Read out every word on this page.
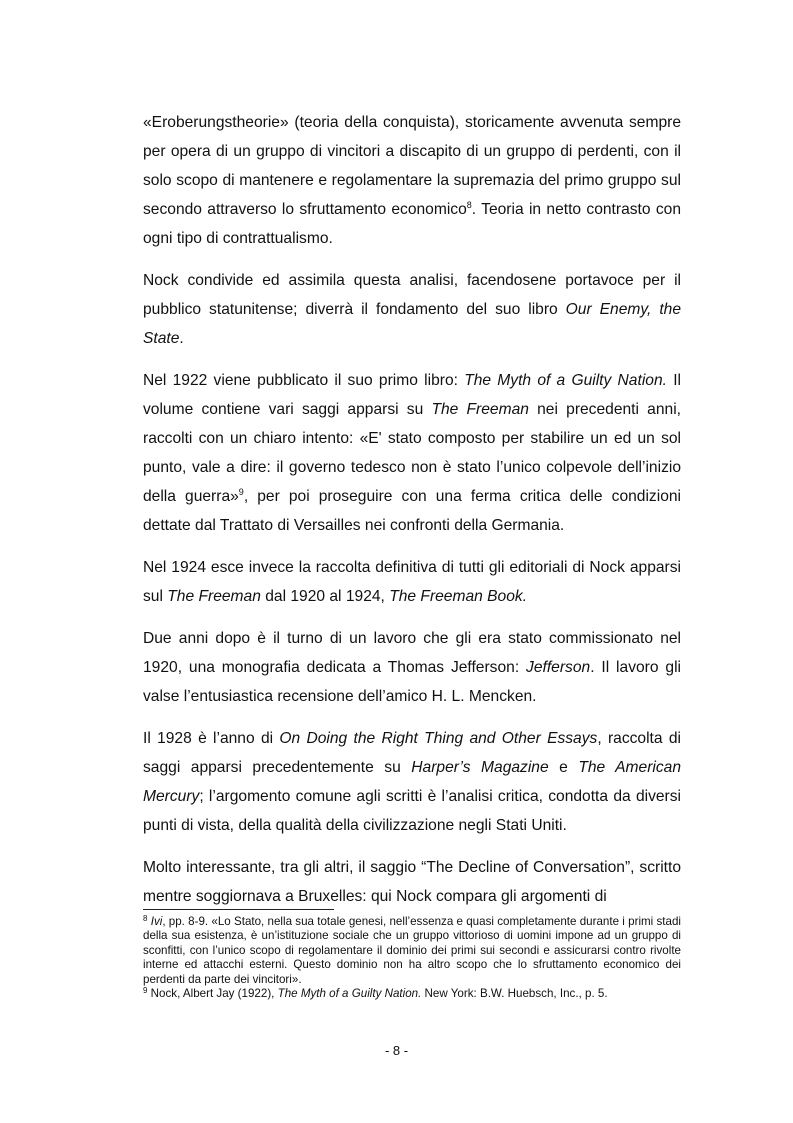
«Eroberungstheorie» (teoria della conquista), storicamente avvenuta sempre per opera di un gruppo di vincitori a discapito di un gruppo di perdenti, con il solo scopo di mantenere e regolamentare la supremazia del primo gruppo sul secondo attraverso lo sfruttamento economico$^8$. Teoria in netto contrasto con ogni tipo di contrattualismo.

Nock condivide ed assimila questa analisi, facendosene portavoce per il pubblico statunitense; diverrà il fondamento del suo libro Our Enemy, the State.

Nel 1922 viene pubblicato il suo primo libro: The Myth of a Guilty Nation. Il volume contiene vari saggi apparsi su The Freeman nei precedenti anni, raccolti con un chiaro intento: «E' stato composto per stabilire un ed un sol punto, vale a dire: il governo tedesco non è stato l’unico colpevole dell’inizio della guerra»$^9$, per poi proseguire con una ferma critica delle condizioni dettate dal Trattato di Versailles nei confronti della Germania.

Nel 1924 esce invece la raccolta definitiva di tutti gli editoriali di Nock apparsi sul The Freeman dal 1920 al 1924, The Freeman Book.

Due anni dopo è il turno di un lavoro che gli era stato commissionato nel 1920, una monografia dedicata a Thomas Jefferson: Jefferson. Il lavoro gli valse l’entusiastica recensione dell’amico H. L. Mencken.

Il 1928 è l’anno di On Doing the Right Thing and Other Essays, raccolta di saggi apparsi precedentemente su Harper’s Magazine e The American Mercury; l’argomento comune agli scritti è l’analisi critica, condotta da diversi punti di vista, della qualità della civilizzazione negli Stati Uniti.

Molto interessante, tra gli altri, il saggio “The Decline of Conversation”, scritto mentre soggiornava a Bruxelles: qui Nock compara gli argomenti di

$^8$ Ivi, pp. 8-9. «Lo Stato, nella sua totale genesi, nell’essenza e quasi completamente durante i primi stadi della sua esistenza, è un’istituzione sociale che un gruppo vittorioso di uomini impone ad un gruppo di sconfitti, con l’unico scopo di regolamentare il dominio dei primi sui secondi e assicurarsi contro rivolte interne ed attacchi esterni. Questo dominio non ha altro scopo che lo sfruttamento economico dei perdenti da parte dei vincitori».

$^9$ Nock, Albert Jay (1922), The Myth of a Guilty Nation. New York: B.W. Huebsch, Inc., p. 5.

- 8 -
